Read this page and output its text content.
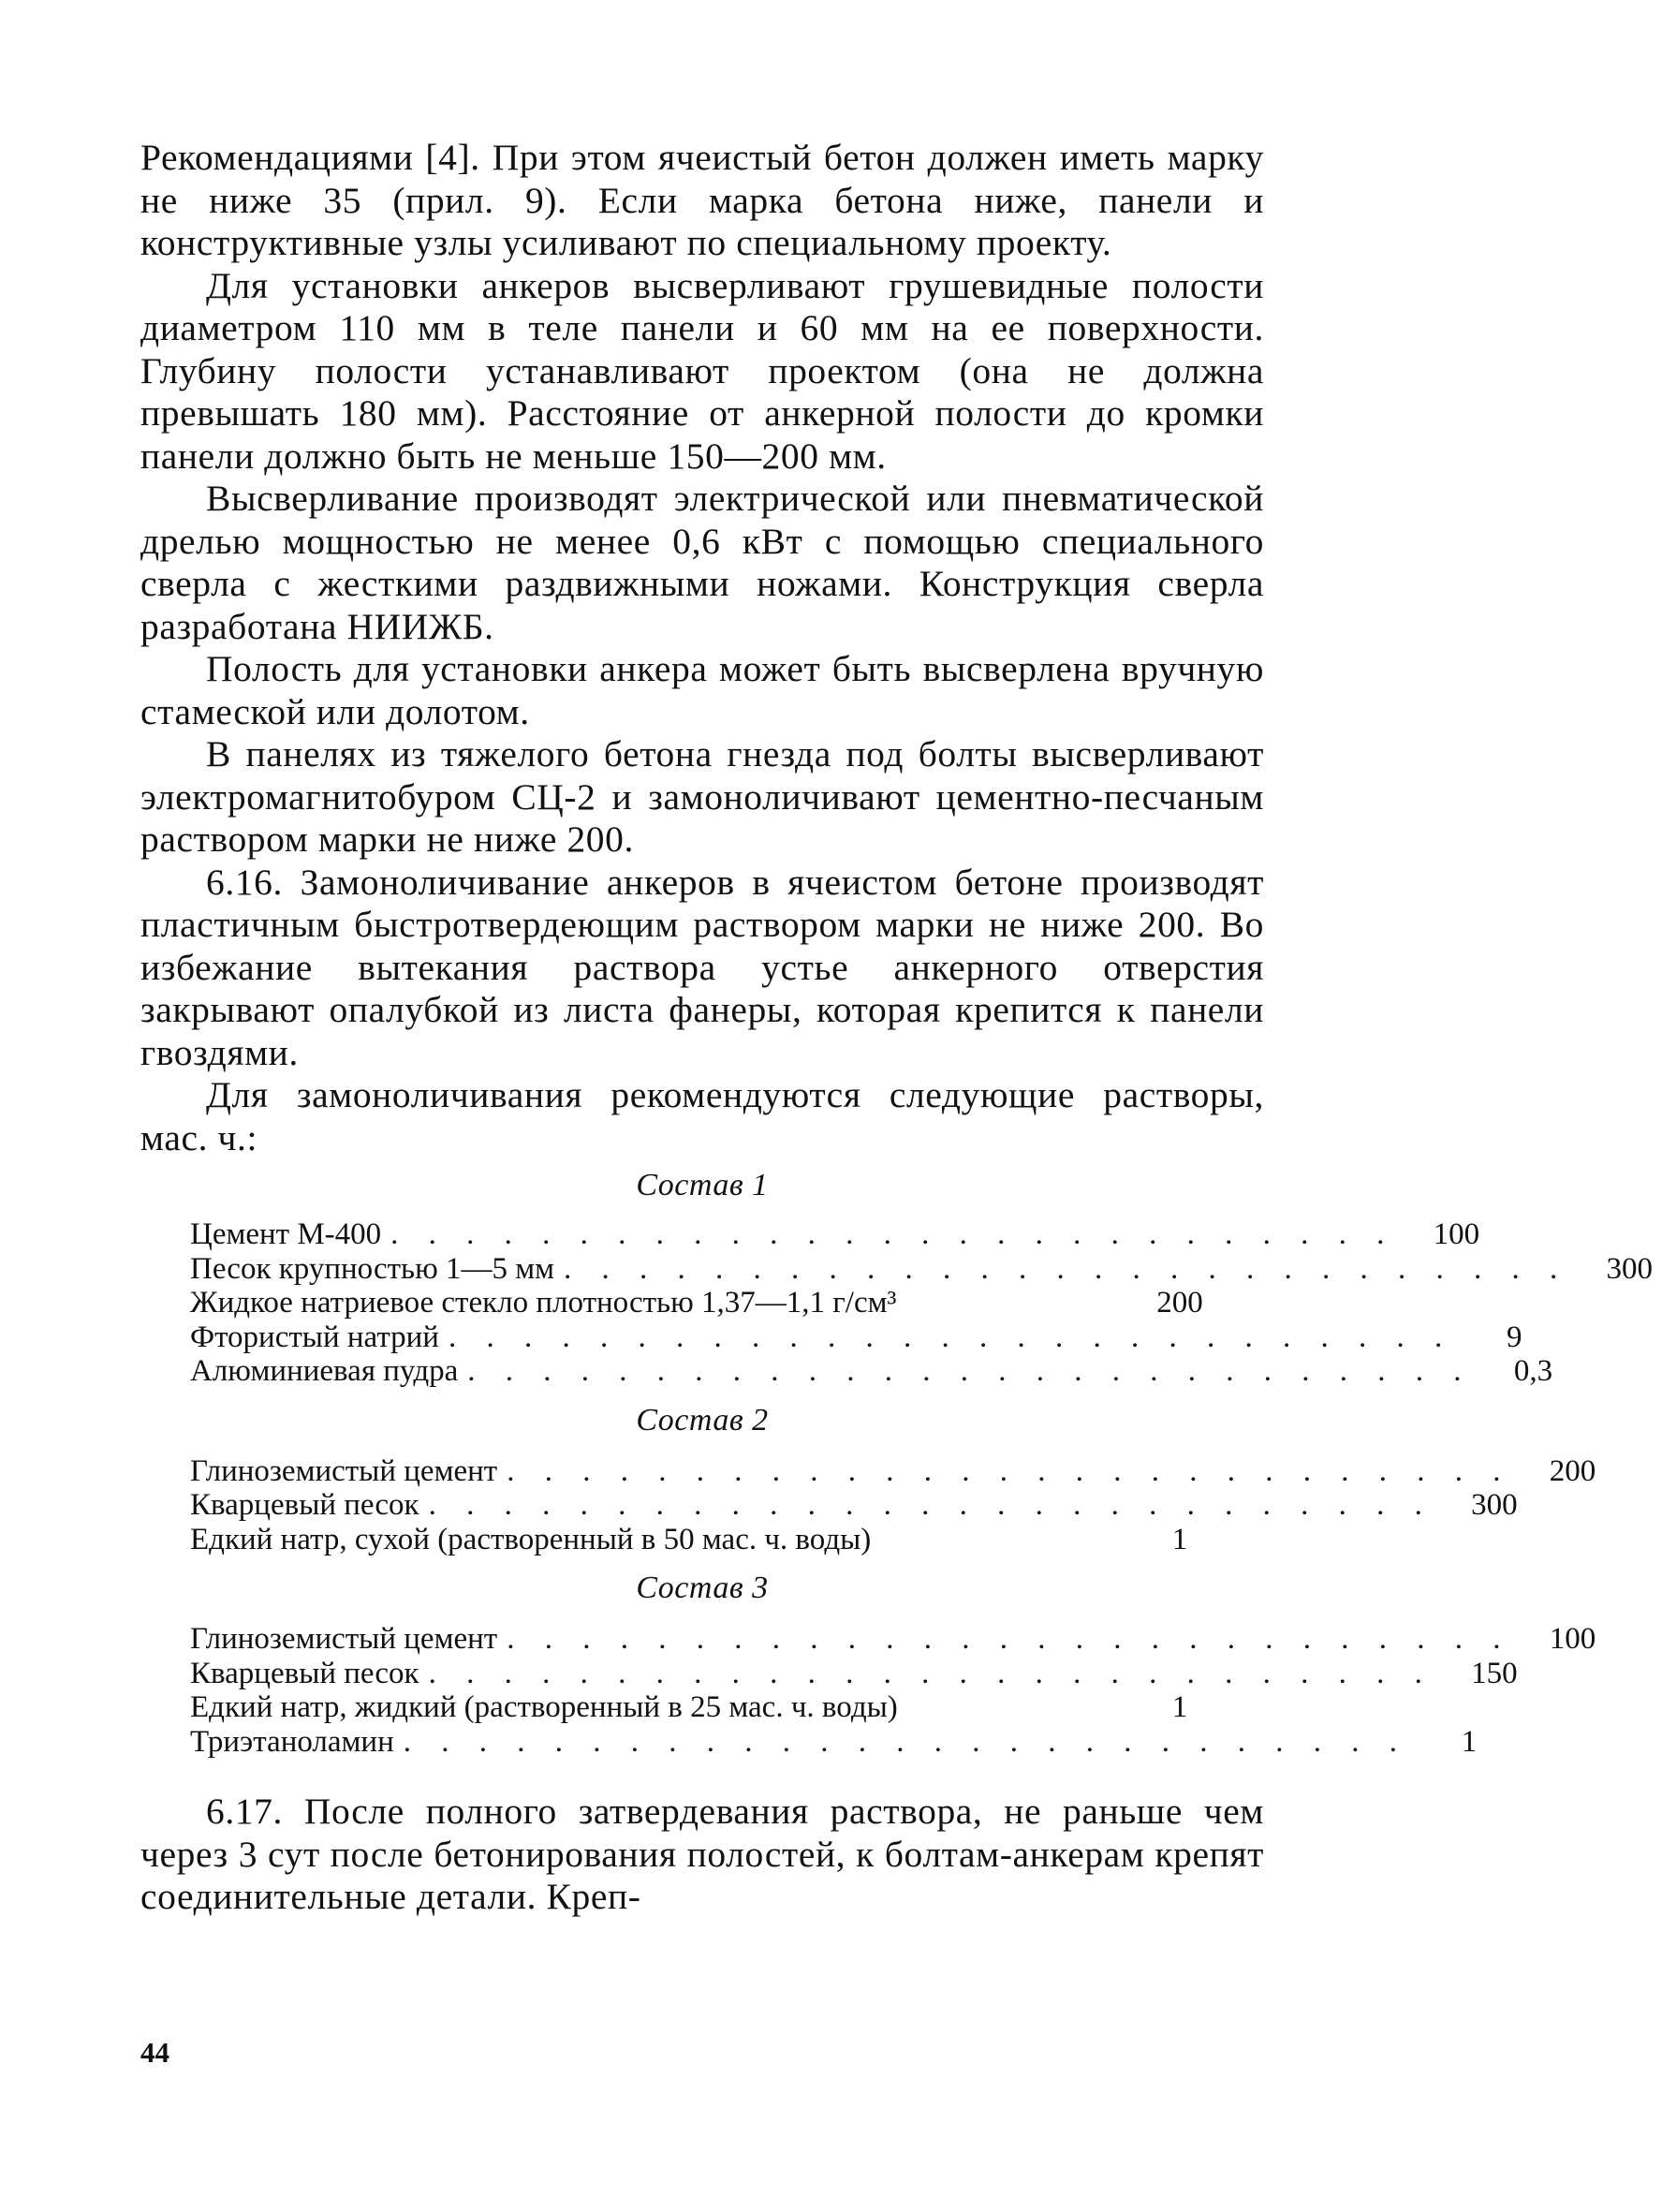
Рекомендациями [4]. При этом ячеистый бетон должен иметь марку не ниже 35 (прил. 9). Если марка бетона ниже, панели и конструктивные узлы усиливают по специальному проекту.

Для установки анкеров высверливают грушевидные полости диаметром 110 мм в теле панели и 60 мм на ее поверхности. Глубину полости устанавливают проектом (она не должна превышать 180 мм). Расстояние от анкерной полости до кромки панели должно быть не меньше 150—200 мм.

Высверливание производят электрической или пневматической дрелью мощностью не менее 0,6 кВт с помощью специального сверла с жесткими раздвижными ножами. Конструкция сверла разработана НИИЖБ.

Полость для установки анкера может быть высверлена вручную стамеской или долотом.

В панелях из тяжелого бетона гнезда под болты высверливают электромагнитобуром СЦ-2 и замоноличивают цементно-песчаным раствором марки не ниже 200.

6.16. Замоноличивание анкеров в ячеистом бетоне производят пластичным быстротвердеющим раствором марки не ниже 200. Во избежание вытекания раствора устье анкерного отверстия закрывают опалубкой из листа фанеры, которая крепится к панели гвоздями.

Для замоноличивания рекомендуются следующие растворы, мас. ч.:

Состав 1

Цемент М-400 . . . . . . . . . . . . . . . . . . . . . . . . . . .	100
Песок крупностью 1—5 мм . . . . . . . . . . . . . . . . . . . . . . . . . . .	300
Жидкое натриевое стекло плотностью 1,37—1,1 г/см³	200
Фтористый натрий . . . . . . . . . . . . . . . . . . . . . . . . . . .	9
Алюминиевая пудра . . . . . . . . . . . . . . . . . . . . . . . . . . .	0,3

Состав 2

Глиноземистый цемент . . . . . . . . . . . . . . . . . . . . . . . . . . .	200
Кварцевый песок . . . . . . . . . . . . . . . . . . . . . . . . . . .	300
Едкий натр, сухой (растворенный в 50 мас. ч. воды)	1

Состав 3

Глиноземистый цемент . . . . . . . . . . . . . . . . . . . . . . . . . . .	100
Кварцевый песок . . . . . . . . . . . . . . . . . . . . . . . . . . .	150
Едкий натр, жидкий (растворенный в 25 мас. ч. воды)	1
Триэтаноламин . . . . . . . . . . . . . . . . . . . . . . . . . . .	1

6.17. После полного затвердевания раствора, не раньше чем через 3 сут после бетонирования полостей, к болтам-анкерам крепят соединительные детали. Креп-

44
